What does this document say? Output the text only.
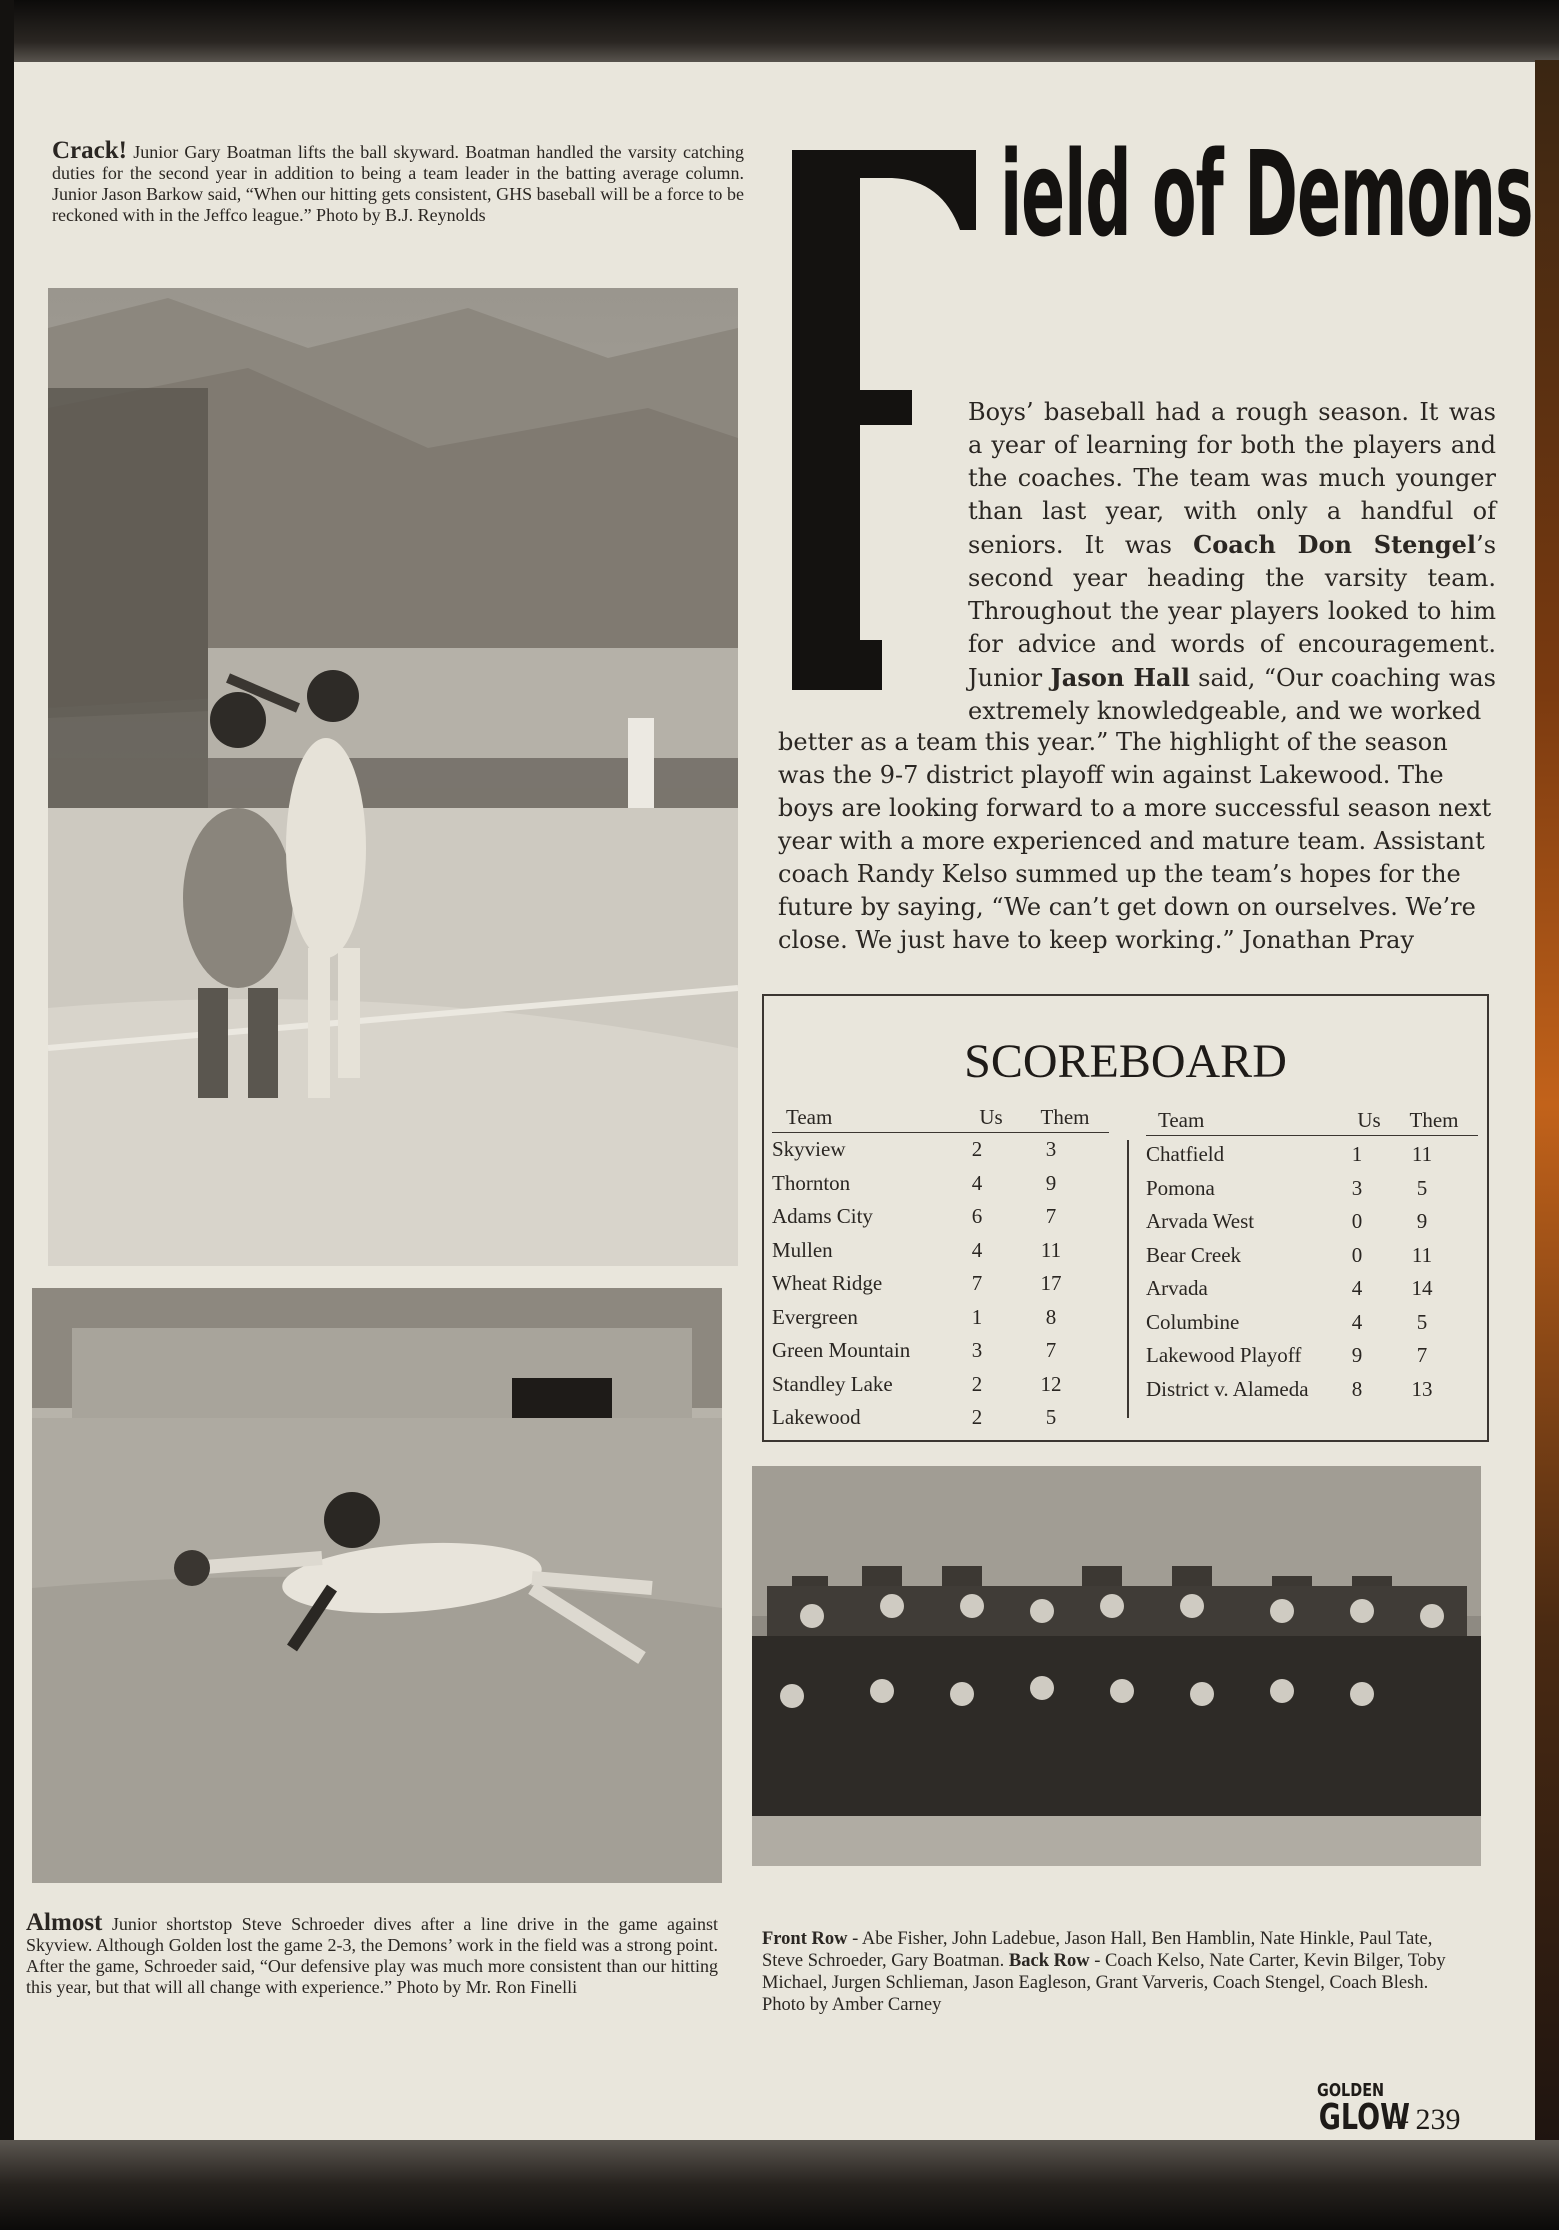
Crack! Junior Gary Boatman lifts the ball skyward. Boatman handled the varsity catching duties for the second year in addition to being a team leader in the batting average column. Junior Jason Barkow said, “When our hitting gets consistent, GHS baseball will be a force to be reckoned with in the Jeffco league.” Photo by B.J. Reynolds

Almost Junior shortstop Steve Schroeder dives after a line drive in the game against Skyview. Although Golden lost the game 2-3, the Demons’ work in the field was a strong point. After the game, Schroeder said, “Our defensive play was much more consistent than our hitting this year, but that will all change with experience.” Photo by Mr. Ron Finelli

F
ield of Demons

Boys’ baseball had a rough season. It was a year of learning for both the players and the coaches. The team was much younger than last year, with only a handful of seniors. It was Coach Don Stengel’s second year heading the varsity team. Throughout the year players looked to him for advice and words of encouragement. Junior Jason Hall said, “Our coaching was extremely knowledgeable, and we worked

better as a team this year.” The highlight of the season was the 9-7 district playoff win against Lakewood. The boys are looking forward to a more successful season next year with a more experienced and mature team. Assistant coach Randy Kelso summed up the team’s hopes for the future by saying, “We can’t get down on ourselves. We’re close. We just have to keep working.” Jonathan Pray

SCOREBOARD
Team	Us	Them
Skyview	2	3
Thornton	4	9
Adams City	6	7
Mullen	4	11
Wheat Ridge	7	17
Evergreen	1	8
Green Mountain	3	7
Standley Lake	2	12
Lakewood	2	5
Team	Us	Them
Chatfield	1	11
Pomona	3	5
Arvada West	0	9
Bear Creek	0	11
Arvada	4	14
Columbine	4	5
Lakewood Playoff	9	7
District v. Alameda	8	13

Front Row - Abe Fisher, John Ladebue, Jason Hall, Ben Hamblin, Nate Hinkle, Paul Tate, Steve Schroeder, Gary Boatman. Back Row - Coach Kelso, Nate Carter, Kevin Bilger, Toby Michael, Jurgen Schlieman, Jason Eagleson, Grant Varveris, Coach Stengel, Coach Blesh. Photo by Amber Carney

GOLDEN
GLOW
– 239
